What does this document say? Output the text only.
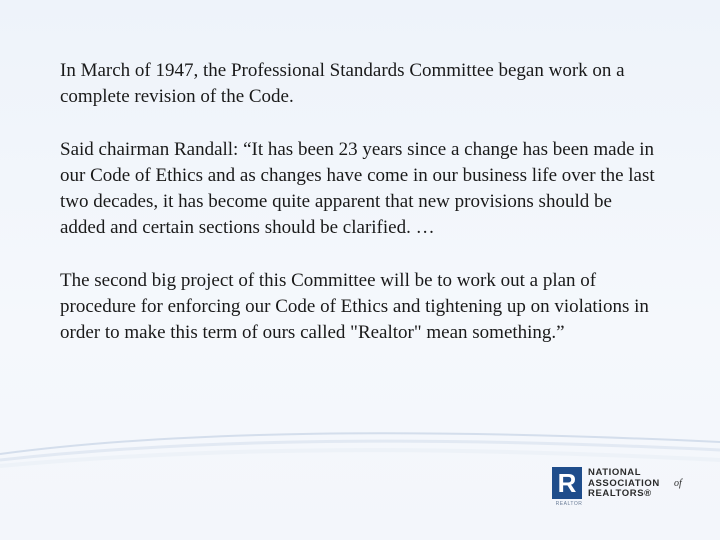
In March of 1947, the Professional Standards Committee began work on a complete revision of the Code.

Said chairman Randall: “It has been 23 years since a change has been made in our Code of Ethics and as changes have come in our business life over the last two decades, it has become quite apparent that new provisions should be added and certain sections should be clarified. …

The second big project of this Committee will be to work out a plan of procedure for enforcing our Code of Ethics and tightening up on violations in order to make this term of ours called "Realtor" mean something.”

R
REALTOR
NATIONAL
ASSOCIATION
REALTORS®
of
